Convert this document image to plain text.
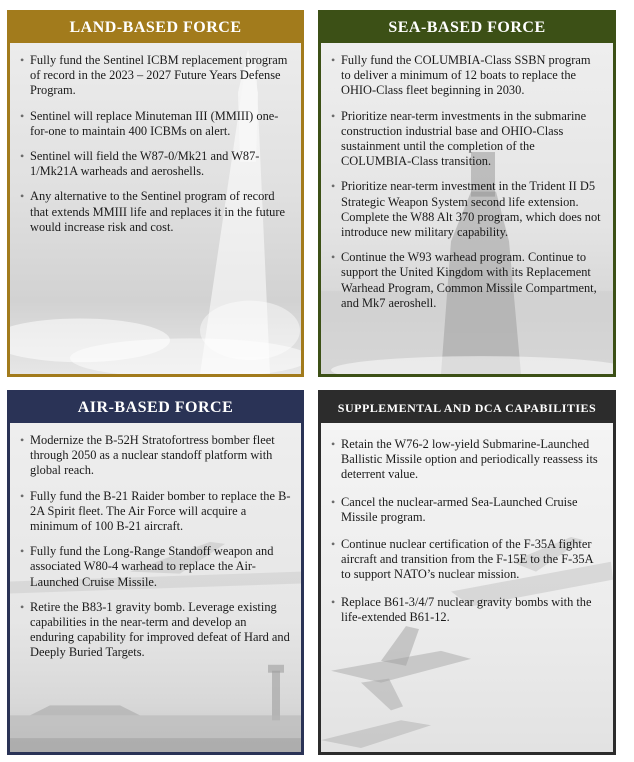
LAND-BASED FORCE
• Fully fund the Sentinel ICBM replacement program of record in the 2023 – 2027 Future Years Defense Program.
• Sentinel will replace Minuteman III (MMIII) one-for-one to maintain 400 ICBMs on alert.
• Sentinel will field the W87-0/Mk21 and W87-1/Mk21A warheads and aeroshells.
• Any alternative to the Sentinel program of record that extends MMIII life and replaces it in the future would increase risk and cost.
SEA-BASED FORCE
• Fully fund the COLUMBIA-Class SSBN program to deliver a minimum of 12 boats to replace the OHIO-Class fleet beginning in 2030.
• Prioritize near-term investments in the submarine construction industrial base and OHIO-Class sustainment until the completion of the COLUMBIA-Class transition.
• Prioritize near-term investment in the Trident II D5 Strategic Weapon System second life extension. Complete the W88 Alt 370 program, which does not introduce new military capability.
• Continue the W93 warhead program. Continue to support the United Kingdom with its Replacement Warhead Program, Common Missile Compartment, and Mk7 aeroshell.
AIR-BASED FORCE
• Modernize the B-52H Stratofortress bomber fleet through 2050 as a nuclear standoff platform with global reach.
• Fully fund the B-21 Raider bomber to replace the B-2A Spirit fleet. The Air Force will acquire a minimum of 100 B-21 aircraft.
• Fully fund the Long-Range Standoff weapon and associated W80-4 warhead to replace the Air-Launched Cruise Missile.
• Retire the B83-1 gravity bomb. Leverage existing capabilities in the near-term and develop an enduring capability for improved defeat of Hard and Deeply Buried Targets.
SUPPLEMENTAL AND DCA CAPABILITIES
• Retain the W76-2 low-yield Submarine-Launched Ballistic Missile option and periodically reassess its deterrent value.
• Cancel the nuclear-armed Sea-Launched Cruise Missile program.
• Continue nuclear certification of the F-35A fighter aircraft and transition from the F-15E to the F-35A to support NATO’s nuclear mission.
• Replace B61-3/4/7 nuclear gravity bombs with the life-extended B61-12.
